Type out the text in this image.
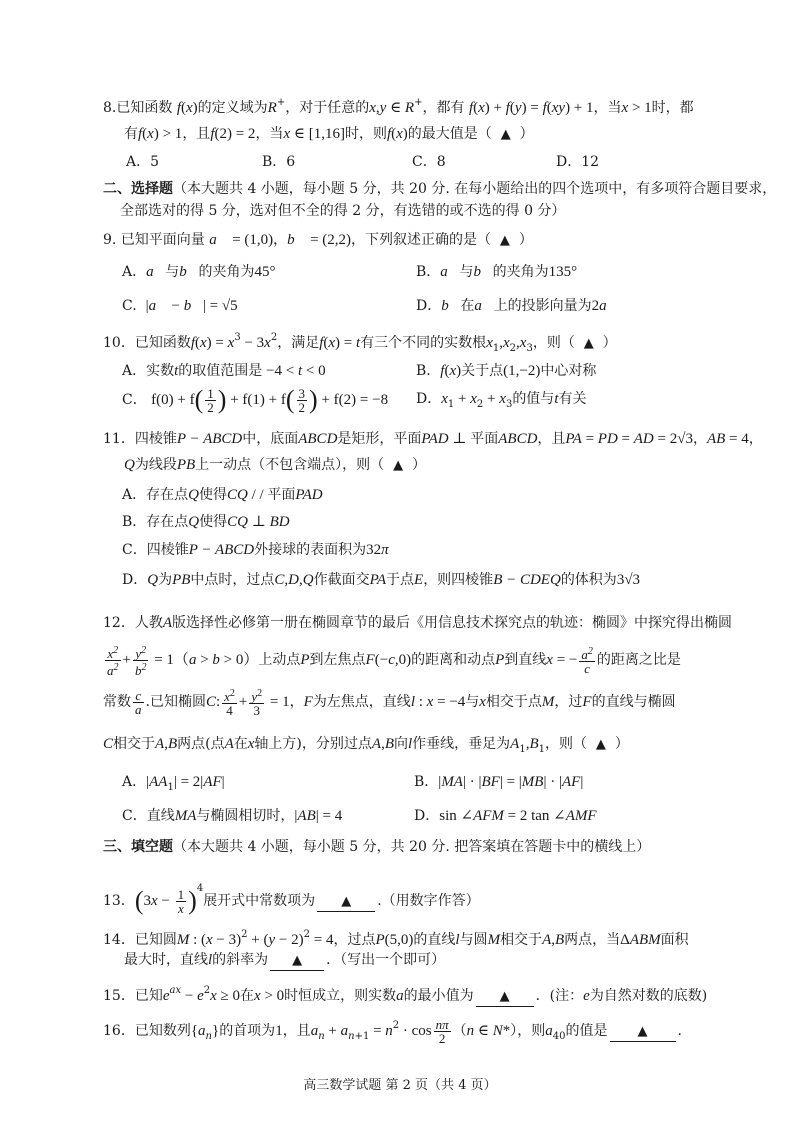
8.已知函数 f(x)的定义域为R+，对于任意的x,y ∈ R+，都有 f(x) + f(y) = f(xy) + 1，当x > 1时，都
有f(x) > 1，且f(2) = 2，当x ∈ [1,16]时，则f(x)的最大值是（ ▲ ）
A．5	B．6	C．8	D．12
二、选择题（本大题共 4 小题，每小题 5 分，共 20 分. 在每小题给出的四个选项中，有多项符合题目要求，
全部选对的得 5 分，选对但不全的得 2 分，有选错的或不选的得 0 分）
9. 已知平面向量 a⃗ = (1,0)，b⃗ = (2,2)，下列叙述正确的是（ ▲ ）
A．a⃗与b⃗的夹角为45°	B．a⃗与b⃗的夹角为135°
C. |a⃗ − b⃗| = √5	D．b⃗在a⃗上的投影向量为2a⃗
10．已知函数$f(x) = x^3 - 3x^2$，满足f(x) = t有三个不同的实数根$x_1,x_2,x_3$，则（ ▲ ）
A．实数t的取值范围是 −4 < t < 0	B．f(x)关于点(1,−2)中心对称
C． $f(0) + f( \frac{1}{2}$ ) + $f(1) + f( \frac{3}{2}$ ) + f(2) = −8 D．$x_1 + x_2 + x_3$的值与t有关
11．四棱锥P − ABCD中，底面ABCD是矩形，平面PAD ⊥ 平面ABCD，且PA = PD = AD = 2√3，AB = 4，
Q为线段PB上一动点（不包含端点），则（ ▲ ）
A．存在点Q使得CQ / / 平面PAD
B．存在点Q使得CQ ⊥ BD
C．四棱锥P − ABCD外接球的表面积为32π
D．Q为PB中点时，过点C,D,Q作截面交PA于点E，则四棱锥B − CDEQ的体积为3√3
12．人教A版选择性必修第一册在椭圆章节的最后《用信息技术探究点的轨迹：椭圆》中探究得出椭圆
$\frac{x^2}{a^2} + \frac{y^2}{b^2} = 1(a > b > 0)$上动点P到左焦点F(−c,0)的距离和动点P到直线x = − $\frac{a^2}{c}$ 的距离之比是
常数 $\frac{c}{a}$ .已知椭圆C: $\frac{x^2}{4} + \frac{y^2}{3} = 1$，F为左焦点，直线l : x = −4与x相交于点M，过F的直线与椭圆
C相交于A,B两点(点A在x轴上方)，分别过点A,B向l作垂线，垂足为$A_1,B_1$，则（ ▲ ）
A．$|AA_1| = 2|AF|$	B．|MA| · |BF| = |MB| · |AF|
C．直线MA与椭圆相切时，|AB| = 4	D．sin ∠AFM = 2 tan ∠AMF
三、填空题（本大题共 4 小题，每小题 5 分，共 20 分. 把答案填在答题卡中的横线上）
13．$(3x - \frac{1}{x} )^4$展开式中常数项为 ▲ .（用数字作答）
14．已知圆M : $(x - 3)^2 + (y - 2)^2 = 4$，过点P(5,0)的直线l与圆M相交于A,B两点，当ΔABM面积
最大时，直线l的斜率为 ▲ ．（写出一个即可）
15．已知$e^{ax} - e^2x \ge 0$在x > 0时恒成立，则实数a的最小值为 ▲ ．(注：e为自然对数的底数)
16．已知数列$\{a_n\}$的首项为1，且$a_n + a_{n+1} = n^2 \cdot \cos \frac{n\pi}{2} (n$ ∈ N*），则$a_{40}$的值是 ▲ .
高三数学试题 第 2 页（共 4 页）
